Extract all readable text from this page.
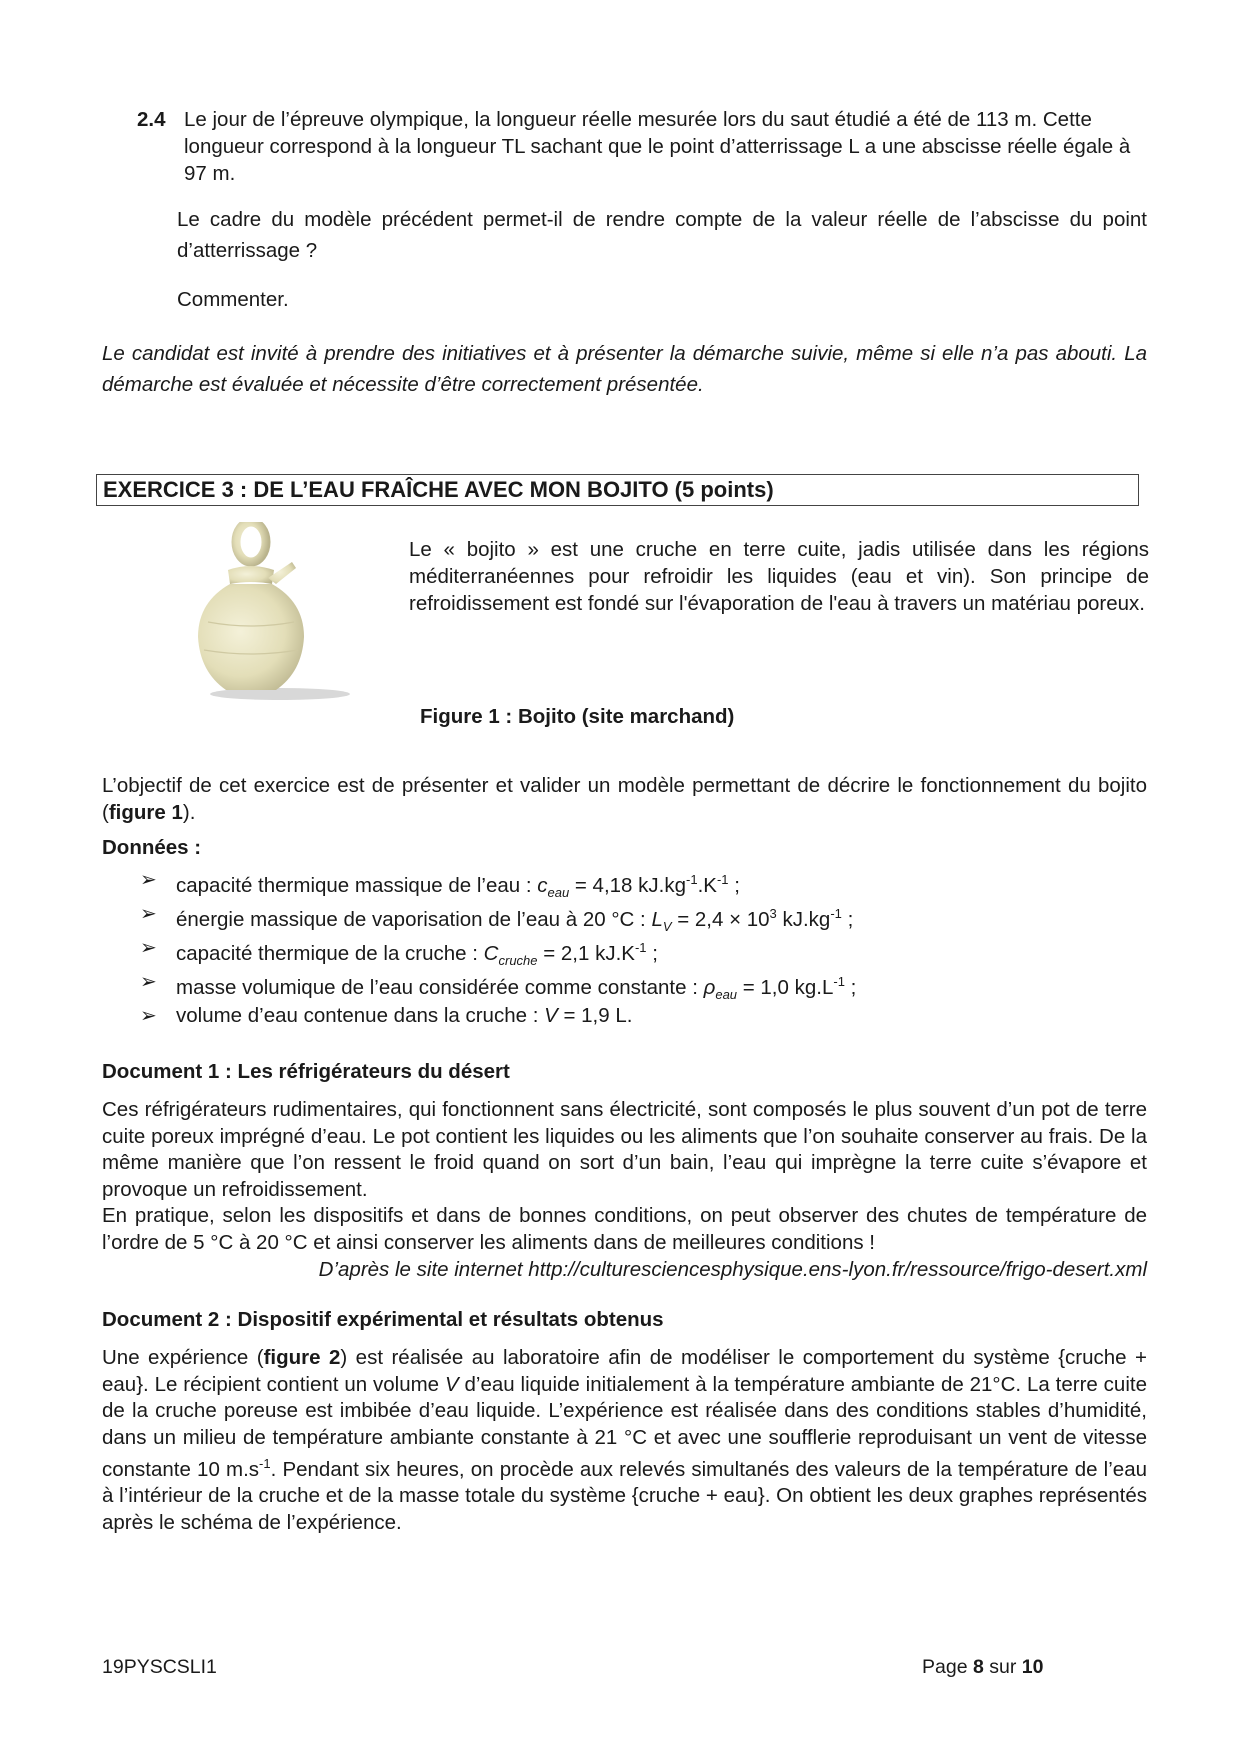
2.4 Le jour de l’épreuve olympique, la longueur réelle mesurée lors du saut étudié a été de 113 m. Cette longueur correspond à la longueur TL sachant que le point d’atterrissage L a une abscisse réelle égale à 97 m.

Le cadre du modèle précédent permet-il de rendre compte de la valeur réelle de l’abscisse du point d’atterrissage ?

Commenter.

Le candidat est invité à prendre des initiatives et à présenter la démarche suivie, même si elle n’a pas abouti. La démarche est évaluée et nécessite d’être correctement présentée.

EXERCICE 3 : DE L’EAU FRAÎCHE AVEC MON BOJITO (5 points)

Le « bojito » est une cruche en terre cuite, jadis utilisée dans les régions méditerranéennes pour refroidir les liquides (eau et vin). Son principe de refroidissement est fondé sur l'évaporation de l'eau à travers un matériau poreux.

Figure 1 : Bojito (site marchand)

L’objectif de cet exercice est de présenter et valider un modèle permettant de décrire le fonctionnement du bojito (figure 1).

Données :

➢ capacité thermique massique de l’eau : $c_{eau} = 4,18$ $kJ.kg^{-1}.K^{-1}$ ;
➢ énergie massique de vaporisation de l’eau à 20 °C : $L_V = 2,4 \times 10^3$ $kJ.kg^{-1}$ ;
➢ capacité thermique de la cruche : $C_{cruche} = 2,1$ $kJ.K^{-1}$ ;
➢ masse volumique de l’eau considérée comme constante : $\rho_{eau} = 1,0$ $kg.L^{-1}$ ;
➢ volume d’eau contenue dans la cruche : V = 1,9 L.

Document 1 : Les réfrigérateurs du désert

Ces réfrigérateurs rudimentaires, qui fonctionnent sans électricité, sont composés le plus souvent d’un pot de terre cuite poreux imprégné d’eau. Le pot contient les liquides ou les aliments que l’on souhaite conserver au frais. De la même manière que l’on ressent le froid quand on sort d’un bain, l’eau qui imprègne la terre cuite s’évapore et provoque un refroidissement.
En pratique, selon les dispositifs et dans de bonnes conditions, on peut observer des chutes de température de l’ordre de 5 °C à 20 °C et ainsi conserver les aliments dans de meilleures conditions !

D’après le site internet http://culturesciencesphysique.ens-lyon.fr/ressource/frigo-desert.xml

Document 2 : Dispositif expérimental et résultats obtenus

Une expérience (figure 2) est réalisée au laboratoire afin de modéliser le comportement du système {cruche + eau}. Le récipient contient un volume V d’eau liquide initialement à la température ambiante de 21°C. La terre cuite de la cruche poreuse est imbibée d’eau liquide. L’expérience est réalisée dans des conditions stables d’humidité, dans un milieu de température ambiante constante à 21 °C et avec une soufflerie reproduisant un vent de vitesse constante 10 $m.s^{-1}$. Pendant six heures, on procède aux relevés simultanés des valeurs de la température de l’eau à l’intérieur de la cruche et de la masse totale du système {cruche + eau}. On obtient les deux graphes représentés après le schéma de l’expérience.

19PYSCSLI1	Page 8 sur 10
